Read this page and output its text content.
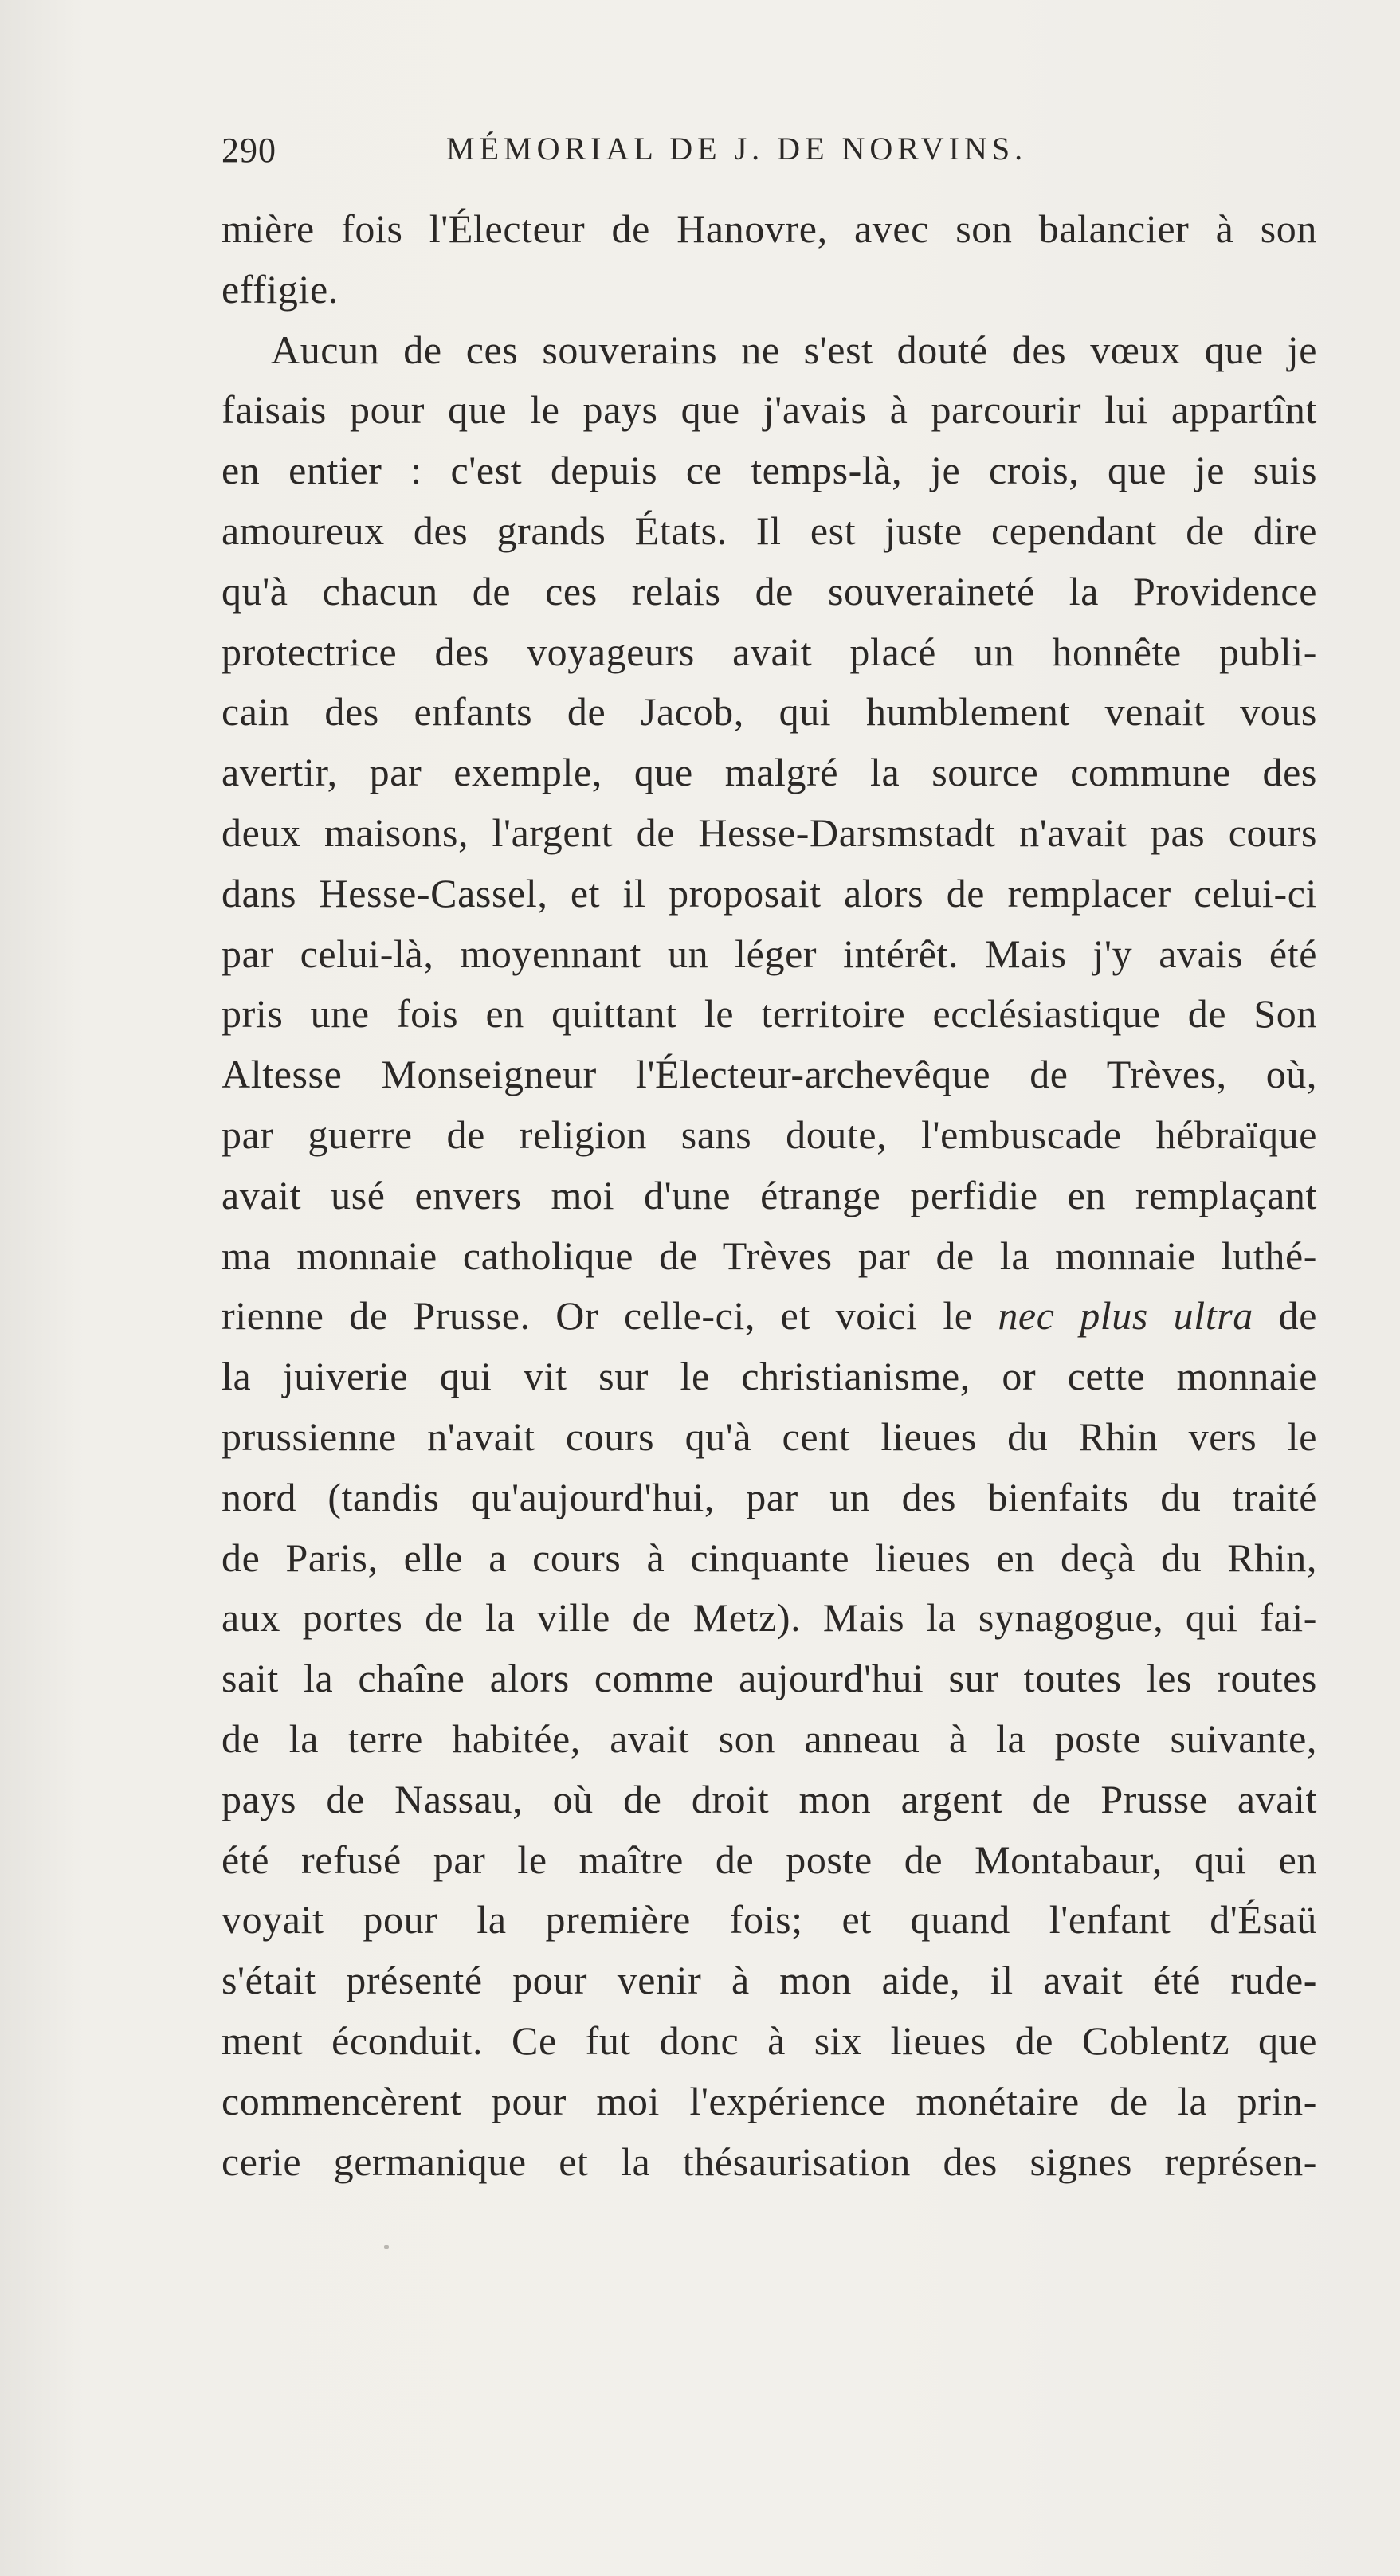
290	MÉMORIAL DE J. DE NORVINS.
mière fois l'Électeur de Hanovre, avec son balancier à son
effigie.
Aucun de ces souverains ne s'est douté des vœux que je
faisais pour que le pays que j'avais à parcourir lui appartînt
en entier : c'est depuis ce temps-là, je crois, que je suis
amoureux des grands États. Il est juste cependant de dire
qu'à chacun de ces relais de souveraineté la Providence
protectrice des voyageurs avait placé un honnête publi-
cain des enfants de Jacob, qui humblement venait vous
avertir, par exemple, que malgré la source commune des
deux maisons, l'argent de Hesse-Darsmstadt n'avait pas cours
dans Hesse-Cassel, et il proposait alors de remplacer celui-ci
par celui-là, moyennant un léger intérêt. Mais j'y avais été
pris une fois en quittant le territoire ecclésiastique de Son
Altesse Monseigneur l'Électeur-archevêque de Trèves, où,
par guerre de religion sans doute, l'embuscade hébraïque
avait usé envers moi d'une étrange perfidie en remplaçant
ma monnaie catholique de Trèves par de la monnaie luthé-
rienne de Prusse. Or celle-ci, et voici le nec plus ultra de
la juiverie qui vit sur le christianisme, or cette monnaie
prussienne n'avait cours qu'à cent lieues du Rhin vers le
nord (tandis qu'aujourd'hui, par un des bienfaits du traité
de Paris, elle a cours à cinquante lieues en deçà du Rhin,
aux portes de la ville de Metz). Mais la synagogue, qui fai-
sait la chaîne alors comme aujourd'hui sur toutes les routes
de la terre habitée, avait son anneau à la poste suivante,
pays de Nassau, où de droit mon argent de Prusse avait
été refusé par le maître de poste de Montabaur, qui en
voyait pour la première fois; et quand l'enfant d'Ésaü
s'était présenté pour venir à mon aide, il avait été rude-
ment éconduit. Ce fut donc à six lieues de Coblentz que
commencèrent pour moi l'expérience monétaire de la prin-
cerie germanique et la thésaurisation des signes représen-
